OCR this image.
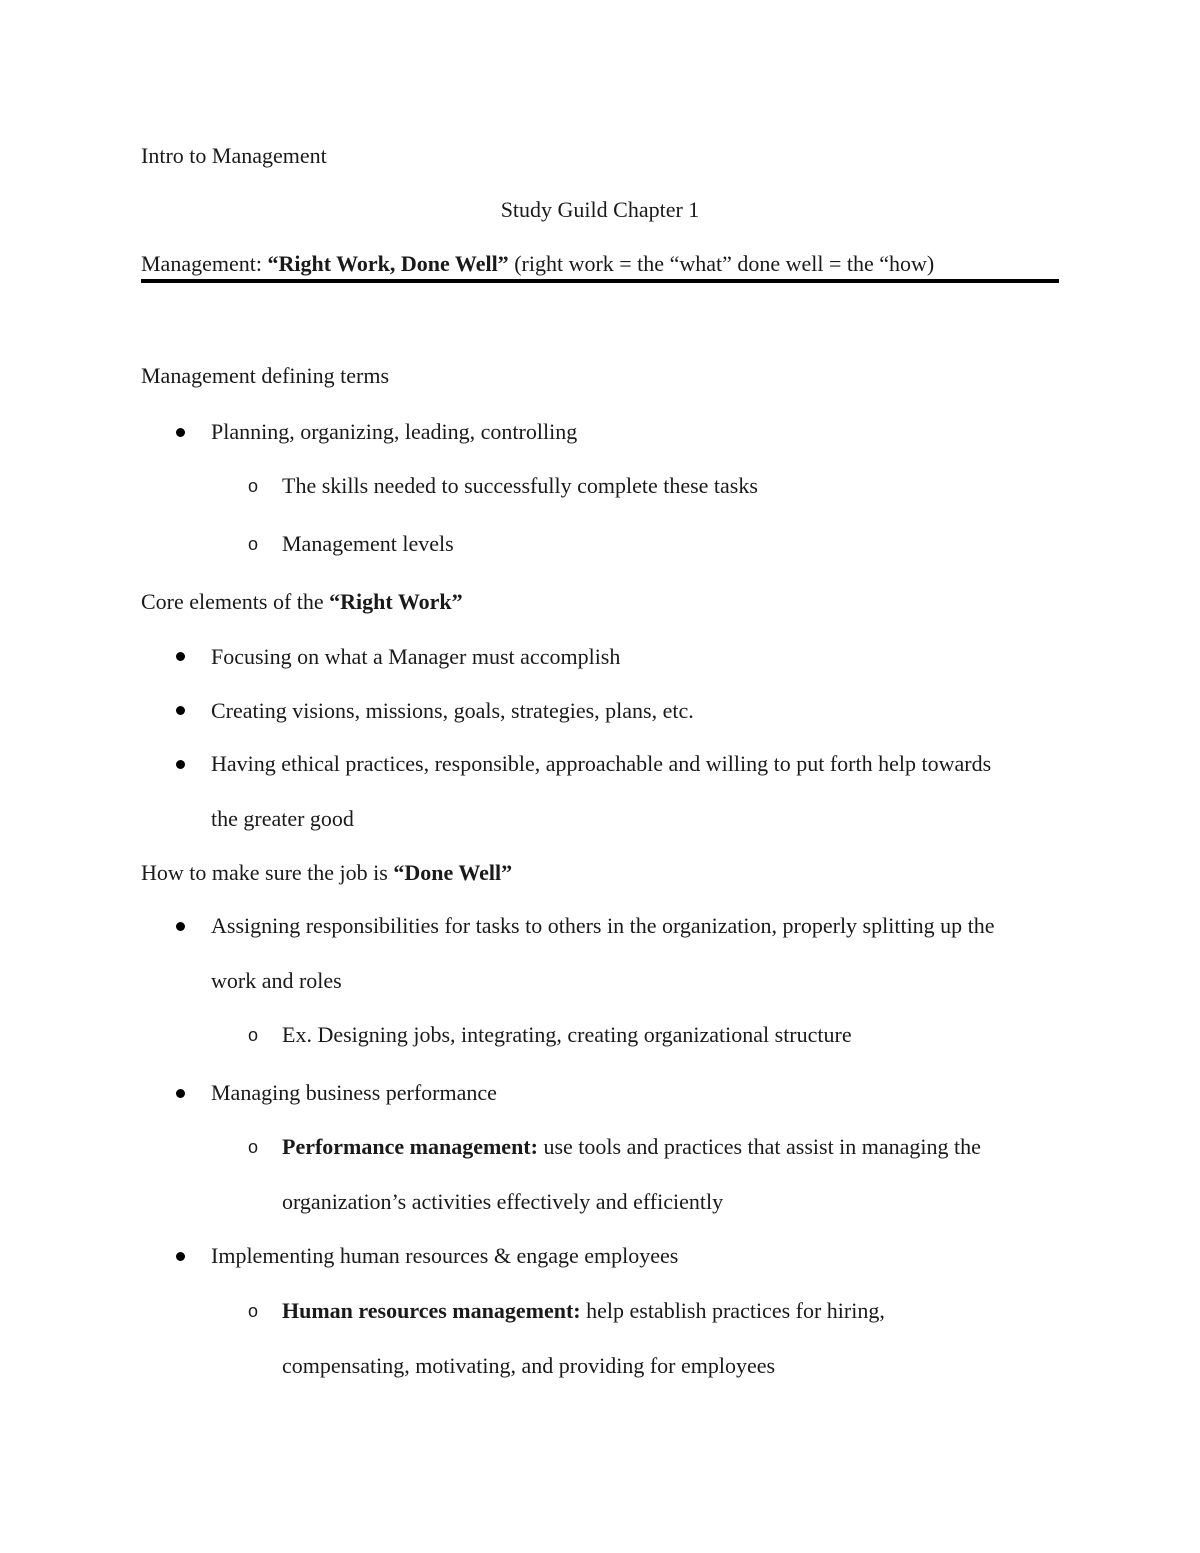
Intro to Management
Study Guild Chapter 1
Management: “Right Work, Done Well” (right work = the “what” done well = the “how)
Management defining terms
Planning, organizing, leading, controlling
o The skills needed to successfully complete these tasks
o Management levels
Core elements of the “Right Work”
Focusing on what a Manager must accomplish
Creating visions, missions, goals, strategies, plans, etc.
Having ethical practices, responsible, approachable and willing to put forth help towards
the greater good
How to make sure the job is “Done Well”
Assigning responsibilities for tasks to others in the organization, properly splitting up the
work and roles
o Ex. Designing jobs, integrating, creating organizational structure
Managing business performance
o Performance management: use tools and practices that assist in managing the
organization’s activities effectively and efficiently
Implementing human resources & engage employees
o Human resources management: help establish practices for hiring,
compensating, motivating, and providing for employees
